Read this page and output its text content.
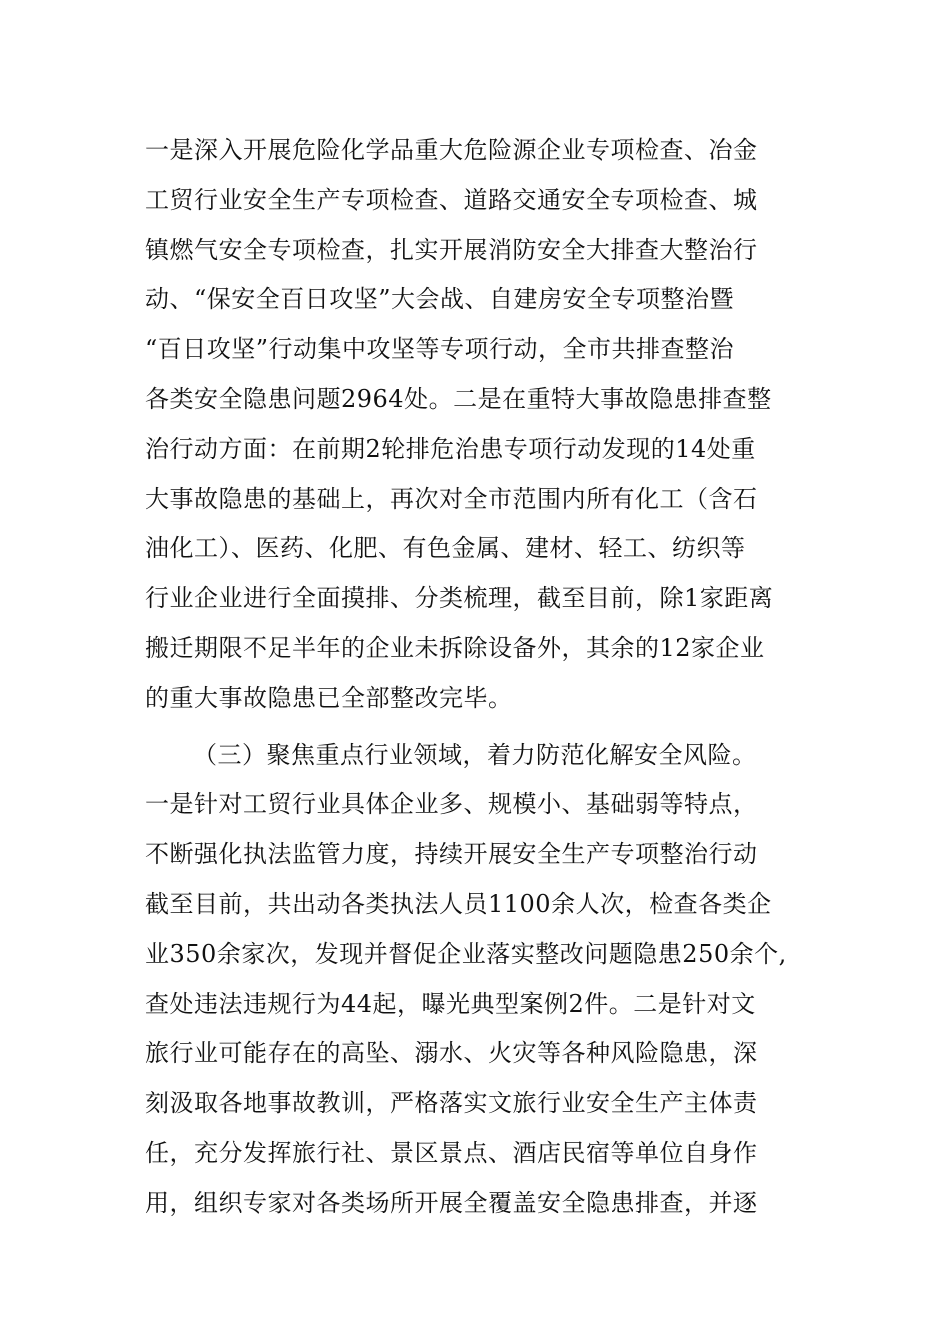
一是深入开展危险化学品重大危险源企业专项检查、冶金
工贸行业安全生产专项检查、道路交通安全专项检查、城
镇燃气安全专项检查，扎实开展消防安全大排查大整治行
动、“保安全百日攻坚”大会战、自建房安全专项整治暨
“百日攻坚”行动集中攻坚等专项行动，全市共排查整治
各类安全隐患问题2964处。二是在重特大事故隐患排查整
治行动方面：在前期2轮排危治患专项行动发现的14处重
大事故隐患的基础上，再次对全市范围内所有化工（含石
油化工）、医药、化肥、有色金属、建材、轻工、纺织等
行业企业进行全面摸排、分类梳理，截至目前，除1家距离
搬迁期限不足半年的企业未拆除设备外，其余的12家企业
的重大事故隐患已全部整改完毕。
（三）聚焦重点行业领域，着力防范化解安全风险。
一是针对工贸行业具体企业多、规模小、基础弱等特点，
不断强化执法监管力度，持续开展安全生产专项整治行动
截至目前，共出动各类执法人员1100余人次，检查各类企
业350余家次，发现并督促企业落实整改问题隐患250余个,
查处违法违规行为44起，曝光典型案例2件。二是针对文
旅行业可能存在的高坠、溺水、火灾等各种风险隐患，深
刻汲取各地事故教训，严格落实文旅行业安全生产主体责
任，充分发挥旅行社、景区景点、酒店民宿等单位自身作
用，组织专家对各类场所开展全覆盖安全隐患排查，并逐
